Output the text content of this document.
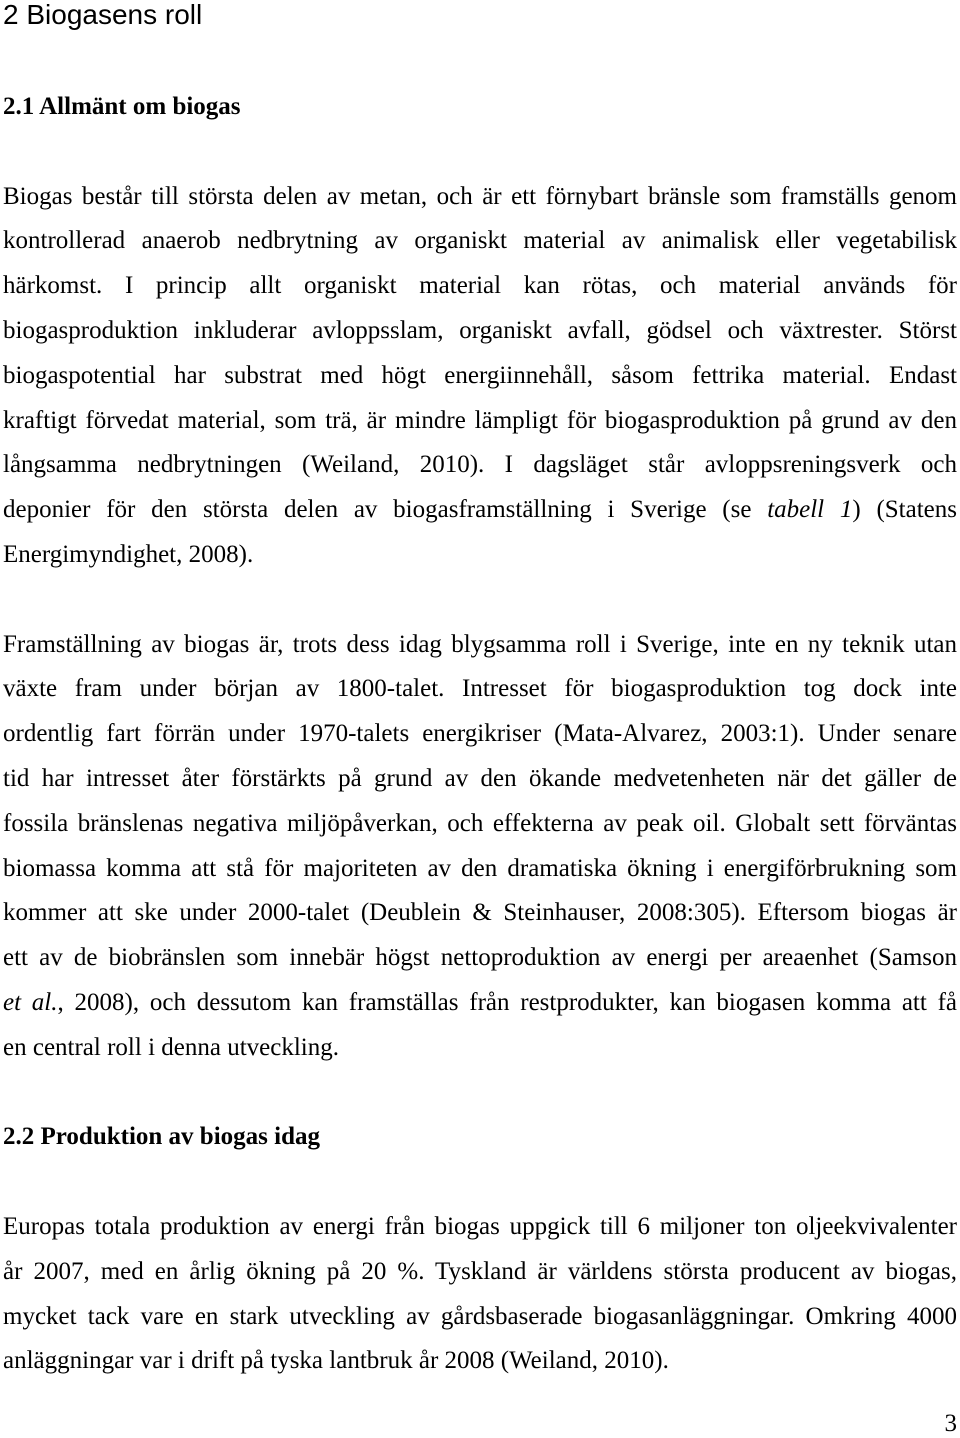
2 Biogasens roll
2.1 Allmänt om biogas
Biogas består till största delen av metan, och är ett förnybart bränsle som framställs genom
kontrollerad anaerob nedbrytning av organiskt material av animalisk eller vegetabilisk
härkomst. I princip allt organiskt material kan rötas, och material används för
biogasproduktion inkluderar avloppsslam, organiskt avfall, gödsel och växtrester. Störst
biogaspotential har substrat med högt energiinnehåll, såsom fettrika material. Endast
kraftigt förvedat material, som trä, är mindre lämpligt för biogasproduktion på grund av den
långsamma nedbrytningen (Weiland, 2010). I dagsläget står avloppsreningsverk och
deponier för den största delen av biogasframställning i Sverige (se tabell 1) (Statens
Energimyndighet, 2008).
Framställning av biogas är, trots dess idag blygsamma roll i Sverige, inte en ny teknik utan
växte fram under början av 1800-talet. Intresset för biogasproduktion tog dock inte
ordentlig fart förrän under 1970-talets energikriser (Mata-Alvarez, 2003:1). Under senare
tid har intresset åter förstärkts på grund av den ökande medvetenheten när det gäller de
fossila bränslenas negativa miljöpåverkan, och effekterna av peak oil. Globalt sett förväntas
biomassa komma att stå för majoriteten av den dramatiska ökning i energiförbrukning som
kommer att ske under 2000-talet (Deublein & Steinhauser, 2008:305). Eftersom biogas är
ett av de biobränslen som innebär högst nettoproduktion av energi per areaenhet (Samson
et al., 2008), och dessutom kan framställas från restprodukter, kan biogasen komma att få
en central roll i denna utveckling.
2.2 Produktion av biogas idag
Europas totala produktion av energi från biogas uppgick till 6 miljoner ton oljeekvivalenter
år 2007, med en årlig ökning på 20 %. Tyskland är världens största producent av biogas,
mycket tack vare en stark utveckling av gårdsbaserade biogasanläggningar. Omkring 4000
anläggningar var i drift på tyska lantbruk år 2008 (Weiland, 2010).
3
